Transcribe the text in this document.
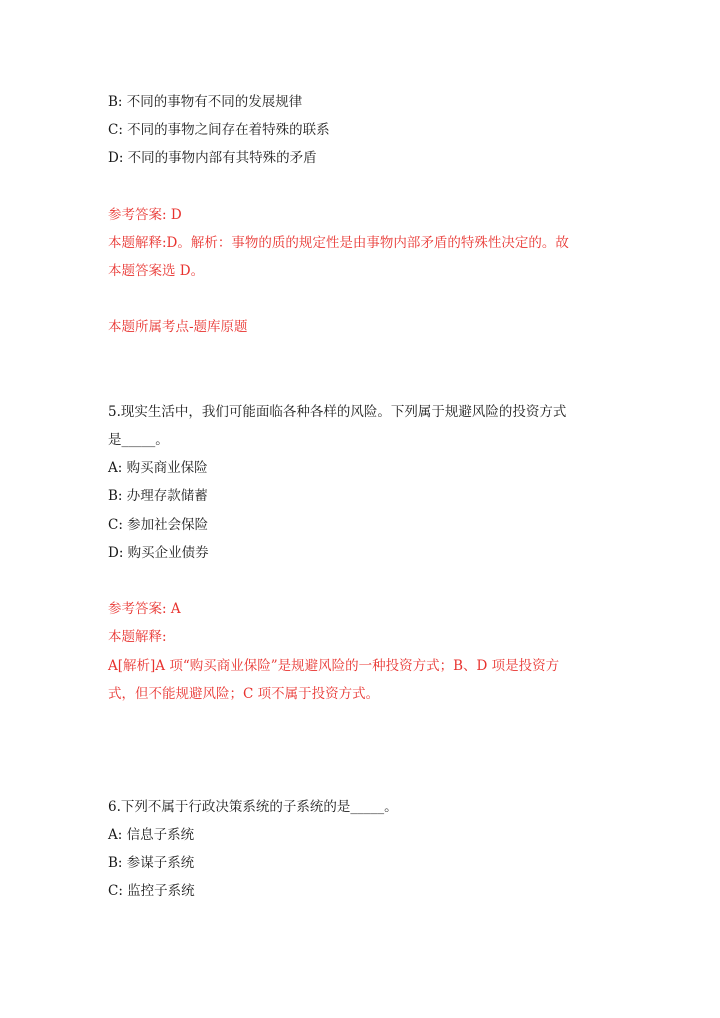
B: 不同的事物有不同的发展规律
C: 不同的事物之间存在着特殊的联系
D: 不同的事物内部有其特殊的矛盾
参考答案: D
本题解释:D。解析：事物的质的规定性是由事物内部矛盾的特殊性决定的。故
本题答案选 D。
本题所属考点-题库原题
5.现实生活中，我们可能面临各种各样的风险。下列属于规避风险的投资方式
是_____。
A: 购买商业保险
B: 办理存款储蓄
C: 参加社会保险
D: 购买企业债券
参考答案: A
本题解释:
A[解析]A 项“购买商业保险”是规避风险的一种投资方式；B、D 项是投资方
式，但不能规避风险；C 项不属于投资方式。
6.下列不属于行政决策系统的子系统的是_____。
A: 信息子系统
B: 参谋子系统
C: 监控子系统
